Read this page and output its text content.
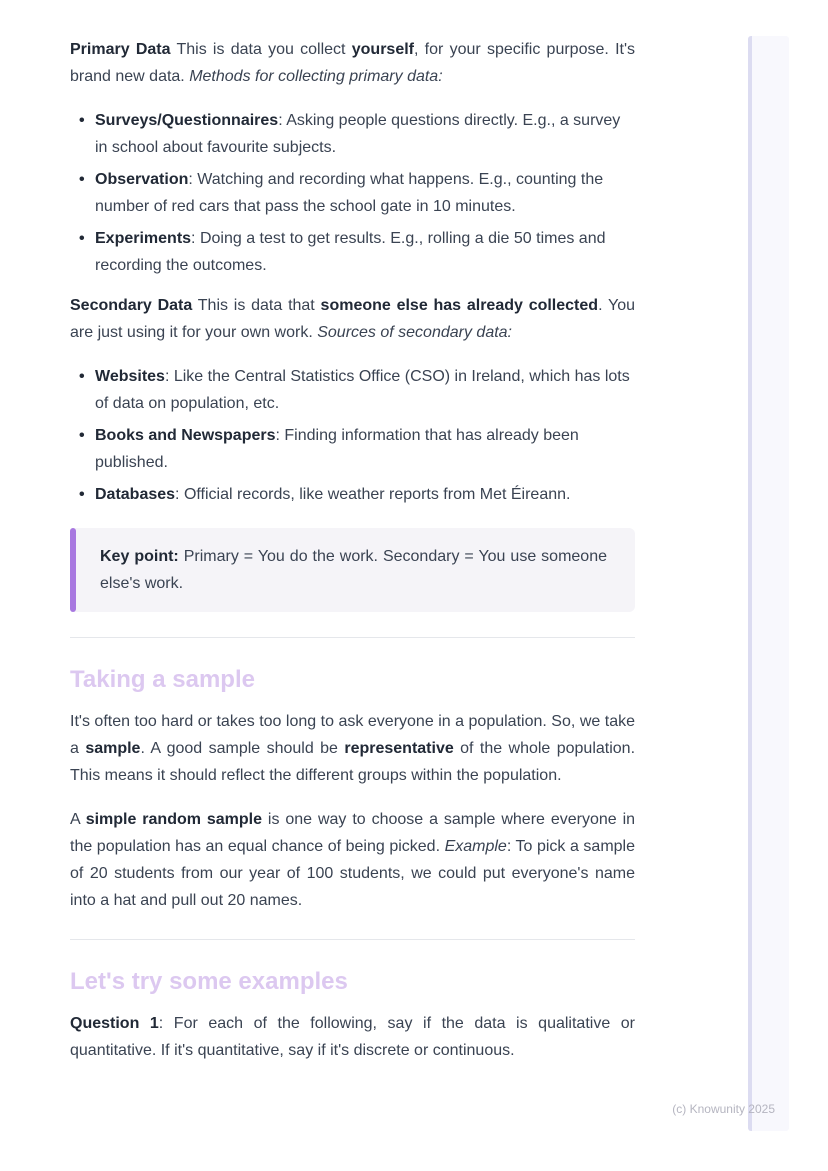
Primary Data This is data you collect yourself, for your specific purpose. It's brand new data. Methods for collecting primary data:

• Surveys/Questionnaires: Asking people questions directly. E.g., a survey in school about favourite subjects.
• Observation: Watching and recording what happens. E.g., counting the number of red cars that pass the school gate in 10 minutes.
• Experiments: Doing a test to get results. E.g., rolling a die 50 times and recording the outcomes.

Secondary Data This is data that someone else has already collected. You are just using it for your own work. Sources of secondary data:

• Websites: Like the Central Statistics Office (CSO) in Ireland, which has lots of data on population, etc.
• Books and Newspapers: Finding information that has already been published.
• Databases: Official records, like weather reports from Met Éireann.
Key point: Primary = You do the work. Secondary = You use someone else's work.
Taking a sample

It's often too hard or takes too long to ask everyone in a population. So, we take a sample. A good sample should be representative of the whole population. This means it should reflect the different groups within the population.

A simple random sample is one way to choose a sample where everyone in the population has an equal chance of being picked. Example: To pick a sample of 20 students from our year of 100 students, we could put everyone's name into a hat and pull out 20 names.

Let's try some examples

Question 1: For each of the following, say if the data is qualitative or quantitative. If it's quantitative, say if it's discrete or continuous.

(c) Knowunity 2025
